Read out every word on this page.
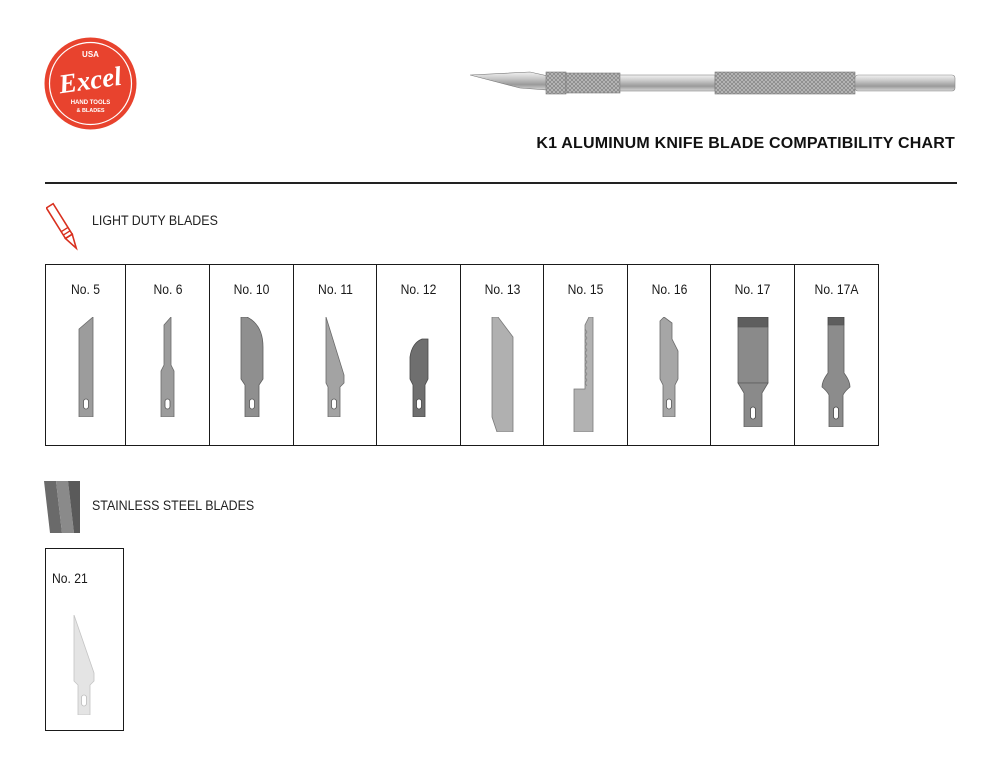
USA
Excel
HAND TOOLS
& BLADES
K1 ALUMINUM KNIFE BLADE COMPATIBILITY CHART
LIGHT DUTY BLADES
No. 5	No. 6	No. 10	No. 11	No. 12	No. 13	No. 15	No. 16	No. 17	No. 17A
STAINLESS STEEL BLADES
No. 21
